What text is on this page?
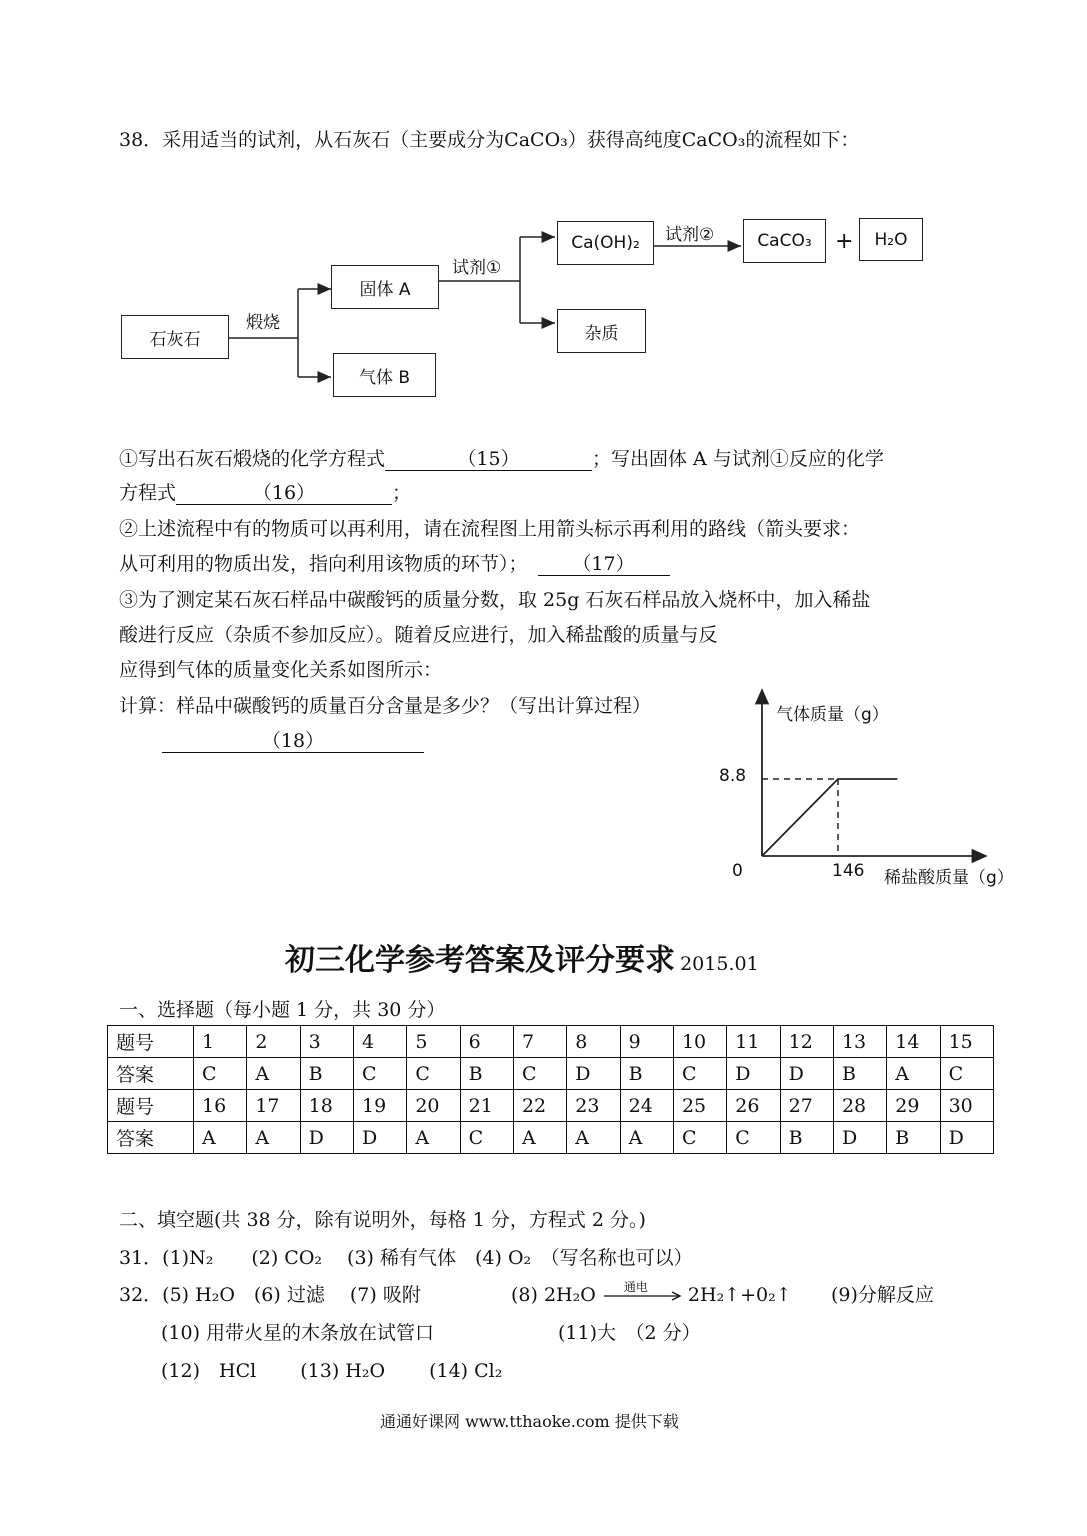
38．采用适当的试剂，从石灰石（主要成分为CaCO₃）获得高纯度CaCO₃的流程如下：
石灰石
煅烧
固体 A
气体 B
试剂①
Ca(OH)₂
杂质
试剂②	CaCO₃ + H₂O
①写出石灰石煅烧的化学方程式	（15）	；写出固体 A 与试剂①反应的化学
方程式	（16）	；
②上述流程中有的物质可以再利用，请在流程图上用箭头标示再利用的路线（箭头要求：
从可利用的物质出发，指向利用该物质的环节）； （17）
③为了测定某石灰石样品中碳酸钙的质量分数，取 25g 石灰石样品放入烧杯中，加入稀盐
酸进行反应（杂质不参加反应）。随着反应进行，加入稀盐酸的质量与反
应得到气体的质量变化关系如图所示：
计算：样品中碳酸钙的质量百分含量是多少？（写出计算过程）
（18）
气体质量（g）
稀盐酸质量（g）
0	146
8.8
初三化学参考答案及评分要求 2015.01
一、选择题（每小题 1 分，共 30 分）
题号	1	2	3	4	5	6	7	8	9	10	11	12	13	14	15
答案	C	A	B	C	C	B	C	D	B	C	D	D	B	A	C
题号	16	17	18	19	20	21	22	23	24	25	26	27	28	29	30
答案	A	A	D	D	A	C	A	A	A	C	C	B	D	B	D
二、填空题(共 38 分，除有说明外，每格 1 分，方程式 2 分。)
31．(1)N₂　　(2) CO₂　 (3) 稀有气体　(4) O₂　（写名称也可以）
32．(5) H₂O　(6) 过滤　 (7) 吸附	(8) 2H₂O 通电 2H₂↑+0₂↑ (9)分解反应
(10) 用带火星的木条放在试管口	(11)大　（2 分）
(12)　HCl　　 (13) H₂O　　 (14) Cl₂
通通好课网 www.tthaoke.com 提供下载
